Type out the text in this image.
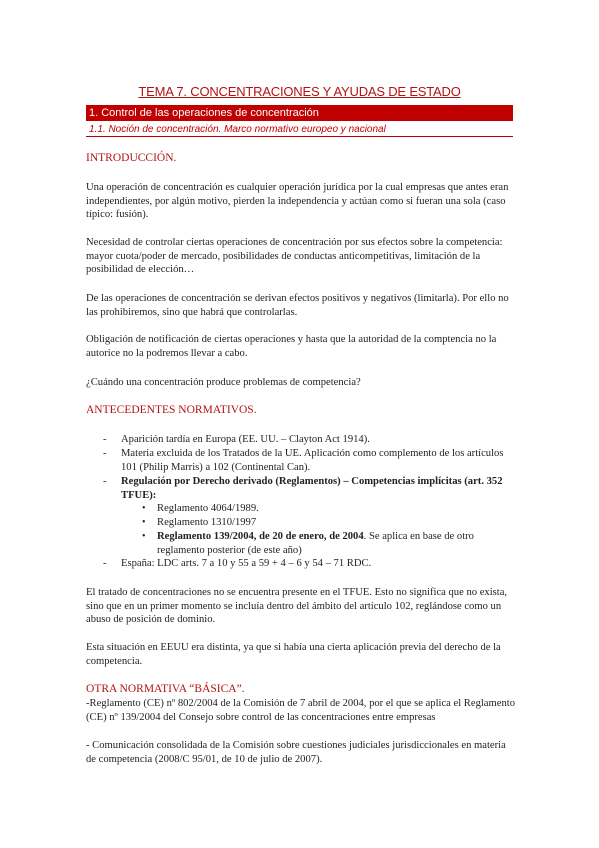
TEMA 7. CONCENTRACIONES Y AYUDAS DE ESTADO
1. Control de las operaciones de concentración
1.1. Noción de concentración. Marco normativo europeo y nacional
INTRODUCCIÓN.
Una operación de concentración es cualquier operación jurídica por la cual empresas que antes eran independientes, por algún motivo, pierden la independencia y actúan como si fueran una sola (caso típico: fusión).
Necesidad de controlar ciertas operaciones de concentración por sus efectos sobre la competencia: mayor cuota/poder de mercado, posibilidades de conductas anticompetitivas, limitación de la posibilidad de elección…
De las operaciones de concentración se derivan efectos positivos y negativos (limitarla). Por ello no las prohibiremos, sino que habrá que controlarlas.
Obligación de notificación de ciertas operaciones y hasta que la autoridad de la comptencia no la autorice no la podremos llevar a cabo.
¿Cuándo una concentración produce problemas de competencia?
ANTECEDENTES NORMATIVOS.
- Aparición tardía en Europa (EE. UU. – Clayton Act 1914).
- Materia excluida de los Tratados de la UE. Aplicación como complemento de los artículos 101 (Philip Marris) a 102 (Continental Can).
- Regulación por Derecho derivado (Reglamentos) – Competencias implícitas (art. 352 TFUE):
• Reglamento 4064/1989.
• Reglamento 1310/1997
• Reglamento 139/2004, de 20 de enero, de 2004. Se aplica en base de otro reglamento posterior (de este año)
- España: LDC arts. 7 a 10 y 55 a 59 + 4 – 6 y 54 – 71 RDC.
El tratado de concentraciones no se encuentra presente en el TFUE. Esto no significa que no exista, sino que en un primer momento se incluía dentro del ámbito del artículo 102, reglándose como un abuso de posición de dominio.
Esta situación en EEUU era distinta, ya que si había una cierta aplicación previa del derecho de la competencia.
OTRA NORMATIVA “BÁSICA”.
-Reglamento (CE) nº 802/2004 de la Comisión de 7 abril de 2004, por el que se aplica el Reglamento (CE) nº 139/2004 del Consejo sobre control de las concentraciones entre empresas
- Comunicación consolidada de la Comisión sobre cuestiones judiciales jurisdiccionales en materia de competencia (2008/C 95/01, de 10 de julio de 2007).
